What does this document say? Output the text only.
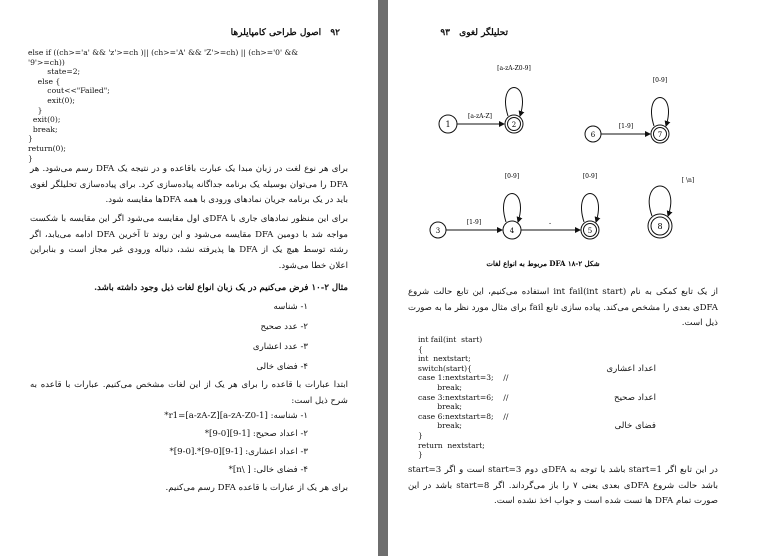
۹۲ اصول طراحی کامپایلرها
else if ((ch>='a' && 'z'>=ch )|| (ch>='A' && 'Z'>=ch) || (ch>='0' &&
'9'>=ch))
state=2;
else {
cout<<"Failed";
exit(0);
}
exit(0);
break;
}
return(0);
}
برای هر نوع لغت در زبان مبدا یک عبارت باقاعده و در نتیجه یک DFA رسم می‌شود. هر DFA را می‌توان بوسیله یک برنامه جداگانه پیاده‌سازی کرد. برای پیاده‌سازی تحلیلگر لغوی باید در یک برنامه جریان نمادهای ورودی با همه DFAها مقایسه شود.
برای این منظور نمادهای جاری با DFAی اول مقایسه می‌شود اگر این مقایسه با شکست مواجه شد با دومین DFA مقایسه می‌شود و این روند تا آخرین DFA ادامه می‌یابد، اگر رشته توسط هیچ یک از DFA ها پذیرفته نشد، دنباله ورودی غیر مجاز است و بنابراین اعلان خطا می‌شود.
مثال ۲-۱۰ فرض می‌کنیم در یک زبان انواع لغات ذیل وجود داشته باشد.
۱- شناسه
۲- عدد صحیح
۳- عدد اعشاری
۴- فضای خالی
ابتدا عبارات با قاعده را برای هر یک از این لغات مشخص می‌کنیم. عبارات با قاعده به شرح ذیل است:
۱- شناسه: r1=[a-zA-Z][a-zA-Z0-1]*
۲- اعداد صحیح: [1-9][0-9]*
۳- اعداد اعشاری: [1-9][0-9]*.[0-9]*
۴- فضای خالی: [ \n]*
برای هر یک از عبارات با قاعده DFA رسم می‌کنیم.
تحلیلگر لغوی ۹۳
1
[a-zA-Z]
2
[a-zA-Z0-9]
6
[1-9]
7
[0-9]
3
[1-9]
4
[0-9]
.
5
[0-9]
8
[ \n]
شکل ۲-۱۸ DFA مربوط به انواع لغات
از یک تابع کمکی به نام int fail(int start) استفاده می‌کنیم، این تابع حالت شروع DFAی بعدی را مشخص می‌کند. پیاده سازی تابع fail برای مثال مورد نظر ما به صورت ذیل است.
int fail(int  start)
{
int  nextstart;
switch(start){
case 1:nextstart=3;    //
break;
case 3:nextstart=6;    //
break;
case 6:nextstart=8;    //
break;
}
return  nextstart;
}
اعداد اعشاری
اعداد صحیح
فضای خالی
در این تابع اگر start=1 باشد با توجه به DFAی دوم start=3 است و اگر start=3 باشد حالت شروع DFAی بعدی یعنی ۷ را باز می‌گرداند. اگر start=8 باشد در این صورت تمام DFA ها تست شده است و جواب اخذ نشده است.
